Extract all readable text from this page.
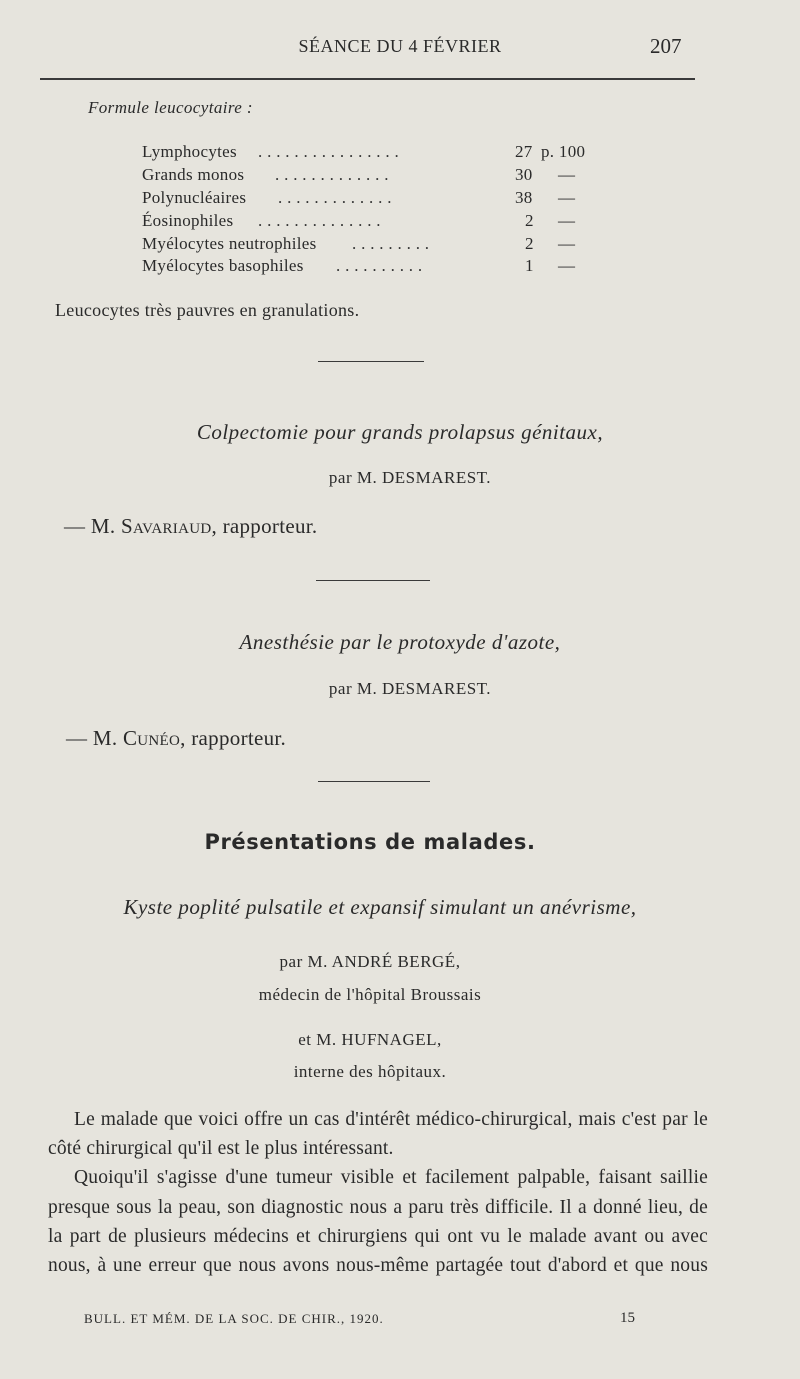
SÉANCE DU 4 FÉVRIER	207
Formule leucocytaire :
Lymphocytes . . . . . . . . . . . . . . . .	27 p. 100
Grands monos . . . . . . . . . . . . .	30 —
Polynucléaires . . . . . . . . . . . . .	38 —
Éosinophiles . . . . . . . . . . . . . .	2 —
Myélocytes neutrophiles . . . . . . . . .	2 —
Myélocytes basophiles . . . . . . . . . .	1 —
Leucocytes très pauvres en granulations.
Colpectomie pour grands prolapsus génitaux,
par M. DESMAREST.
— M. Savariaud, rapporteur.
Anesthésie par le protoxyde d'azote,
par M. DESMAREST.
— M. Cunéo, rapporteur.
Présentations de malades.
Kyste poplité pulsatile et expansif simulant un anévrisme,
par M. ANDRÉ BERGÉ,
médecin de l'hôpital Broussais
et M. HUFNAGEL,
interne des hôpitaux.

Le malade que voici offre un cas d'intérêt médico-chirurgical, mais c'est par le côté chirurgical qu'il est le plus intéressant.

Quoiqu'il s'agisse d'une tumeur visible et facilement palpable, faisant saillie presque sous la peau, son diagnostic nous a paru très difficile. Il a donné lieu, de la part de plusieurs médecins et chirurgiens qui ont vu le malade avant ou avec nous, à une erreur que nous avons nous-même partagée tout d'abord et que nous

BULL. ET MÉM. DE LA SOC. DE CHIR., 1920.	15
